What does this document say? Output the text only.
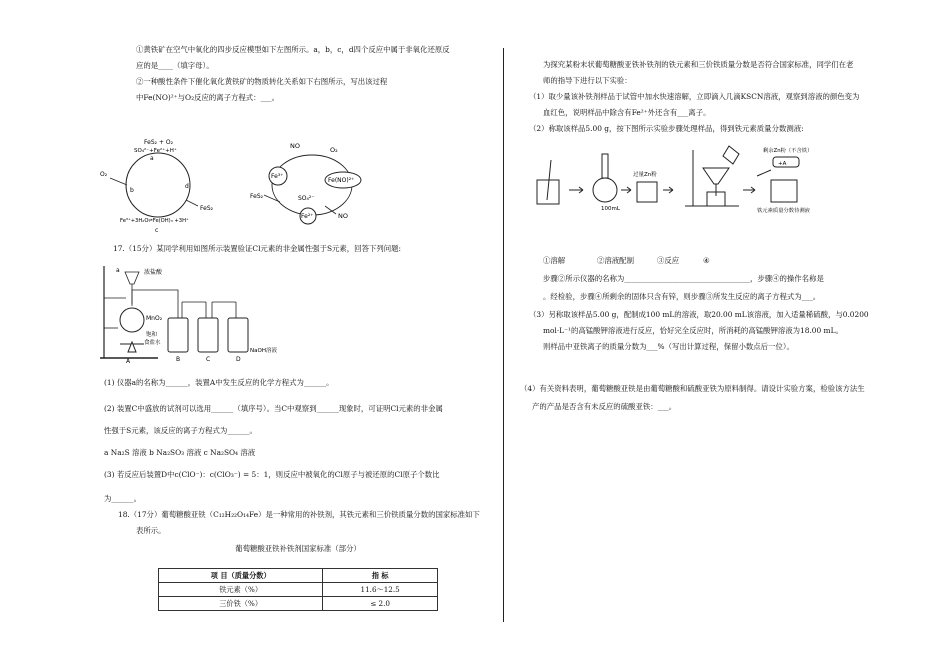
①黄铁矿在空气中氧化的四步反应模型如下左图所示。a，b，c，d四个反应中属于非氧化还原反
应的是____（填字母）。
②一种酸性条件下催化氧化黄铁矿的物质转化关系如下右图所示，写出该过程
中Fe(NO)²⁺与O₂反应的离子方程式：___。
FeS₂ + O₂
SO₄²⁻+Fe²⁺+H⁺
O₂
a
b
d
FeS₂
Fe³⁺+3H₂O⇌Fe(OH)₃ +3H⁺
c
NO	O₂
Fe³⁺
Fe(NO)²⁺
FeS₂	SO₄²⁻
Fe²⁺	NO
17.（15分）某同学利用如图所示装置验证Cl元素的非金属性强于S元素，回答下列问题:
a	浓盐酸
MnO₂
饱和
食盐水
NaOH溶液
A	B	C	D
(1) 仪器a的名称为______，装置A中发生反应的化学方程式为______。
(2) 装置C中盛放的试剂可以选用______（填序号）。当C中观察到______现象时，可证明Cl元素的非金属
性强于S元素，该反应的离子方程式为______。
a Na₂S 溶液 b Na₂SO₃ 溶液 c Na₂SO₄ 溶液
(3) 若反应后装置D中c(ClO⁻)：c(ClO₃⁻) = 5：1，则反应中被氧化的Cl原子与被还原的Cl原子个数比
为______。
18.（17分）葡萄糖酸亚铁（C₁₂H₂₂O₁₄Fe）是一种常用的补铁剂，其铁元素和三价铁质量分数的国家标准如下
表所示。
葡萄糖酸亚铁补铁剂国家标准（部分）
项 目（质量分数）	指 标
铁元素（%）	11.6～12.5
三价铁（%）	≤ 2.0
为探究某粉末状葡萄糖酸亚铁补铁剂的铁元素和三价铁质量分数是否符合国家标准，同学们在老
师的指导下进行以下实验：
（1）取少量该补铁剂样品于试管中加水快速溶解，立即滴入几滴KSCN溶液，观察到溶液的颜色变为
血红色，说明样品中除含有Fe²⁺外还含有___离子。
（2）称取该样品5.00 g，按下图所示实验步骤处理样品，得到铁元素质量分数测液:
100mL
过量Zn粉
剩余Zn粉（不含铁）
+A
铁元素质量分数待测液
①溶解	②溶液配制	③反应	④
步骤②所示仪器的名称为__________________________________，步骤④的操作名称是
。经检验，步骤④所剩余的固体只含有锌，则步骤③所发生反应的离子方程式为___。
（3）另称取该样品5.00 g，配制成100 mL的溶液，取20.00 mL该溶液，加入适量稀硫酸，与0.0200
mol·L⁻¹的高锰酸钾溶液进行反应，恰好完全反应时，所消耗的高锰酸钾溶液为18.00 mL。
则样品中亚铁离子的质量分数为___%（写出计算过程，保留小数点后一位）。
（4）有关资料表明，葡萄糖酸亚铁是由葡萄糖酸和硫酸亚铁为原料制得。请设计实验方案，检验该方法生
产的产品是否含有未反应的硫酸亚铁：___。
